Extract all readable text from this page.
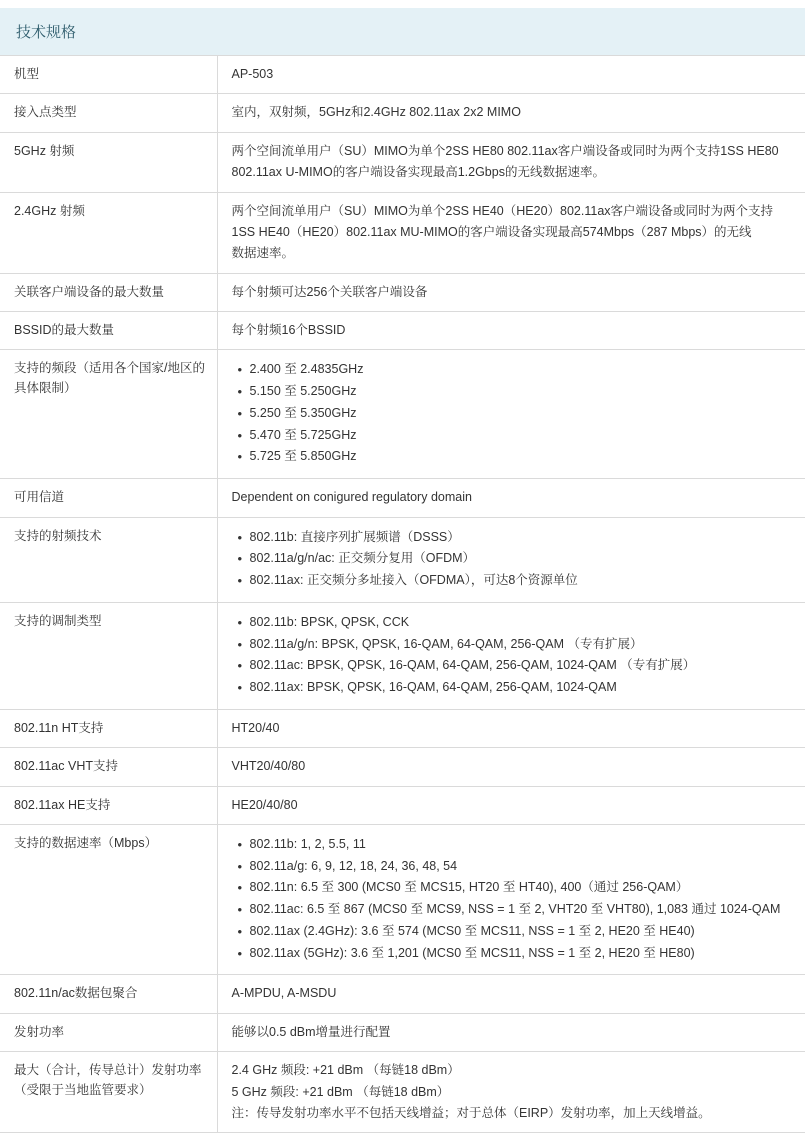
技术规格
机型	AP-503

接入点类型	室内，双射频，5GHz和2.4GHz 802.11ax 2x2 MIMO

5GHz 射频	两个空间流单用户（SU）MIMO为单个2SS HE80 802.11ax客户端设备或同时为两个支持1SS HE80
802.11ax U-MIMO的客户端设备实现最高1.2Gbps的无线数据速率。

2.4GHz 射频	两个空间流单用户（SU）MIMO为单个2SS HE40（HE20）802.11ax客户端设备或同时为两个支持
1SS HE40（HE20）802.11ax MU-MIMO的客户端设备实现最高574Mbps（287 Mbps）的无线
数据速率。

关联客户端设备的最大数量	每个射频可达256个关联客户端设备

BSSID的最大数量	每个射频16个BSSID

支持的频段（适用各个国家/地区的具体限制）	
• 2.400 至 2.4835GHz
• 5.150 至 5.250GHz
• 5.250 至 5.350GHz
• 5.470 至 5.725GHz
• 5.725 至 5.850GHz

可用信道	Dependent on conigured regulatory domain

支持的射频技术	
•802.11b: 直接序列扩展频谱（DSSS）
• 802.11a/g/n/ac: 正交频分复用（OFDM）
• 802.11ax: 正交频分多址接入（OFDMA），可达8个资源单位

支持的调制类型	
•802.11b: BPSK, QPSK, CCK
• 802.11a/g/n: BPSK, QPSK, 16-QAM, 64-QAM, 256-QAM （专有扩展）
• 802.11ac: BPSK, QPSK, 16-QAM, 64-QAM, 256-QAM, 1024-QAM （专有扩展）
• 802.11ax: BPSK, QPSK, 16-QAM, 64-QAM, 256-QAM, 1024-QAM

802.11n HT支持	HT20/40

802.11ac VHT支持	VHT20/40/80

802.11ax HE支持	HE20/40/80

支持的数据速率（Mbps）	
•802.11b: 1, 2, 5.5, 11
• 802.11a/g: 6, 9, 12, 18, 24, 36, 48, 54
• 802.11n: 6.5 至 300 (MCS0 至 MCS15, HT20 至 HT40), 400（通过 256-QAM）
• 802.11ac: 6.5 至 867 (MCS0 至 MCS9, NSS = 1 至 2, VHT20 至 VHT80), 1,083 通过 1024-QAM
• 802.11ax (2.4GHz): 3.6 至 574 (MCS0 至 MCS11, NSS = 1 至 2, HE20 至 HE40)
• 802.11ax (5GHz): 3.6 至 1,201 (MCS0 至 MCS11, NSS = 1 至 2, HE20 至 HE80)

802.11n/ac数据包聚合	A-MPDU, A-MSDU

发射功率	能够以0.5 dBm增量进行配置

最大（合计，传导总计）发射功率（受限于当地监管要求）	2.4 GHz 频段: +21 dBm （每链18 dBm）
5 GHz 频段: +21 dBm （每链18 dBm）
注：传导发射功率水平不包括天线增益；对于总体（EIRP）发射功率，加上天线增益。
